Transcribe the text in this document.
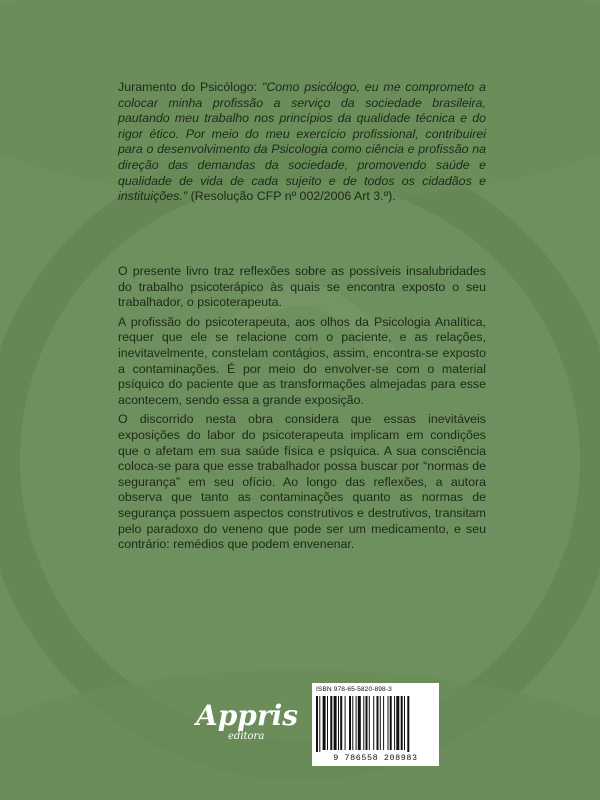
Juramento do Psicólogo: "Como psicólogo, eu me comprometo a colocar minha profissão a serviço da sociedade brasileira, pautando meu trabalho nos princípios da qualidade técnica e do rigor ético. Por meio do meu exercício profissional, contribuirei para o desenvolvimento da Psicologia como ciência e profissão na direção das demandas da sociedade, promovendo saúde e qualidade de vida de cada sujeito e de todos os cidadãos e instituições." (Resolução CFP nº 002/2006 Art 3.º).

O presente livro traz reflexões sobre as possíveis insalubridades do trabalho psicoterápico às quais se encontra exposto o seu trabalhador, o psicoterapeuta.

A profissão do psicoterapeuta, aos olhos da Psicologia Analítica, requer que ele se relacione com o paciente, e as relações, inevitavelmente, constelam contágios, assim, encontra-se exposto a contaminações. É por meio do envolver-se com o material psíquico do paciente que as transformações almejadas para esse acontecem, sendo essa a grande exposição.

O discorrido nesta obra considera que essas inevitáveis exposições do labor do psicoterapeuta implicam em condições que o afetam em sua saúde física e psíquica. A sua consciência coloca-se para que esse trabalhador possa buscar por “normas de segurança” em seu ofício. Ao longo das reflexões, a autora observa que tanto as contaminações quanto as normas de segurança possuem aspectos construtivos e destrutivos, transitam pelo paradoxo do veneno que pode ser um medicamento, e seu contrário: remédios que podem envenenar.

Appris
editora
ISBN 978-65-5820-898-3
9 786558 208983
